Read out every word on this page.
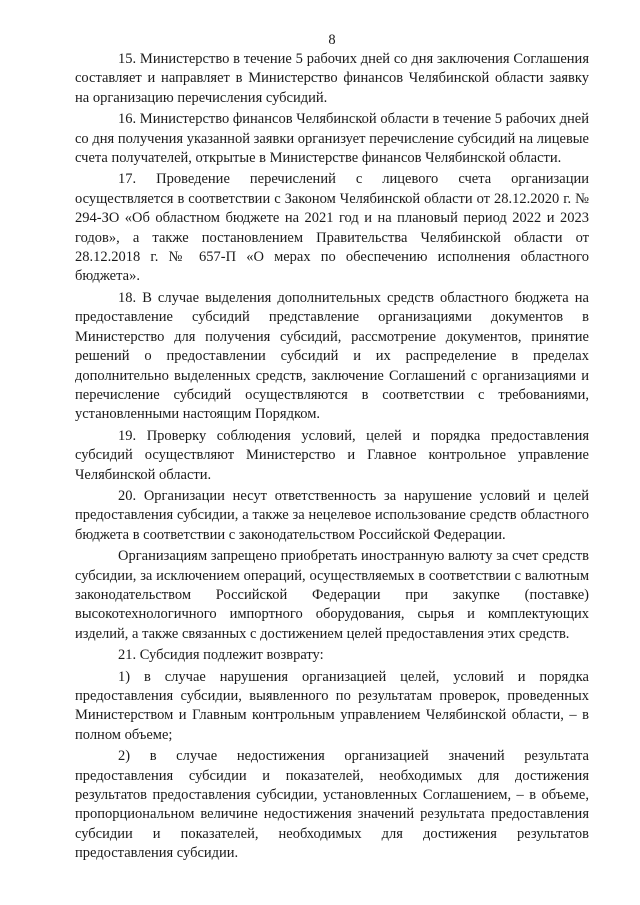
8

15. Министерство в течение 5 рабочих дней со дня заключения Соглашения составляет и направляет в Министерство финансов Челябинской области заявку на организацию перечисления субсидий.

16. Министерство финансов Челябинской области в течение 5 рабочих дней со дня получения указанной заявки организует перечисление субсидий на лицевые счета получателей, открытые в Министерстве финансов Челябинской области.

17. Проведение перечислений с лицевого счета организации осуществляется в соответствии с Законом Челябинской области от 28.12.2020 г. № 294-ЗО «Об областном бюджете на 2021 год и на плановый период 2022 и 2023 годов», а также постановлением Правительства Челябинской области от 28.12.2018 г. № 657-П «О мерах по обеспечению исполнения областного бюджета».

18. В случае выделения дополнительных средств областного бюджета на предоставление субсидий представление организациями документов в Министерство для получения субсидий, рассмотрение документов, принятие решений о предоставлении субсидий и их распределение в пределах дополнительно выделенных средств, заключение Соглашений с организациями и перечисление субсидий осуществляются в соответствии с требованиями, установленными настоящим Порядком.

19. Проверку соблюдения условий, целей и порядка предоставления субсидий осуществляют Министерство и Главное контрольное управление Челябинской области.

20. Организации несут ответственность за нарушение условий и целей предоставления субсидии, а также за нецелевое использование средств областного бюджета в соответствии с законодательством Российской Федерации.

Организациям запрещено приобретать иностранную валюту за счет средств субсидии, за исключением операций, осуществляемых в соответствии с валютным законодательством Российской Федерации при закупке (поставке) высокотехнологичного импортного оборудования, сырья и комплектующих изделий, а также связанных с достижением целей предоставления этих средств.

21. Субсидия подлежит возврату:

1) в случае нарушения организацией целей, условий и порядка предоставления субсидии, выявленного по результатам проверок, проведенных Министерством и Главным контрольным управлением Челябинской области, – в полном объеме;

2) в случае недостижения организацией значений результата предоставления субсидии и показателей, необходимых для достижения результатов предоставления субсидии, установленных Соглашением, – в объеме, пропорциональном величине недостижения значений результата предоставления субсидии и показателей, необходимых для достижения результатов предоставления субсидии.
